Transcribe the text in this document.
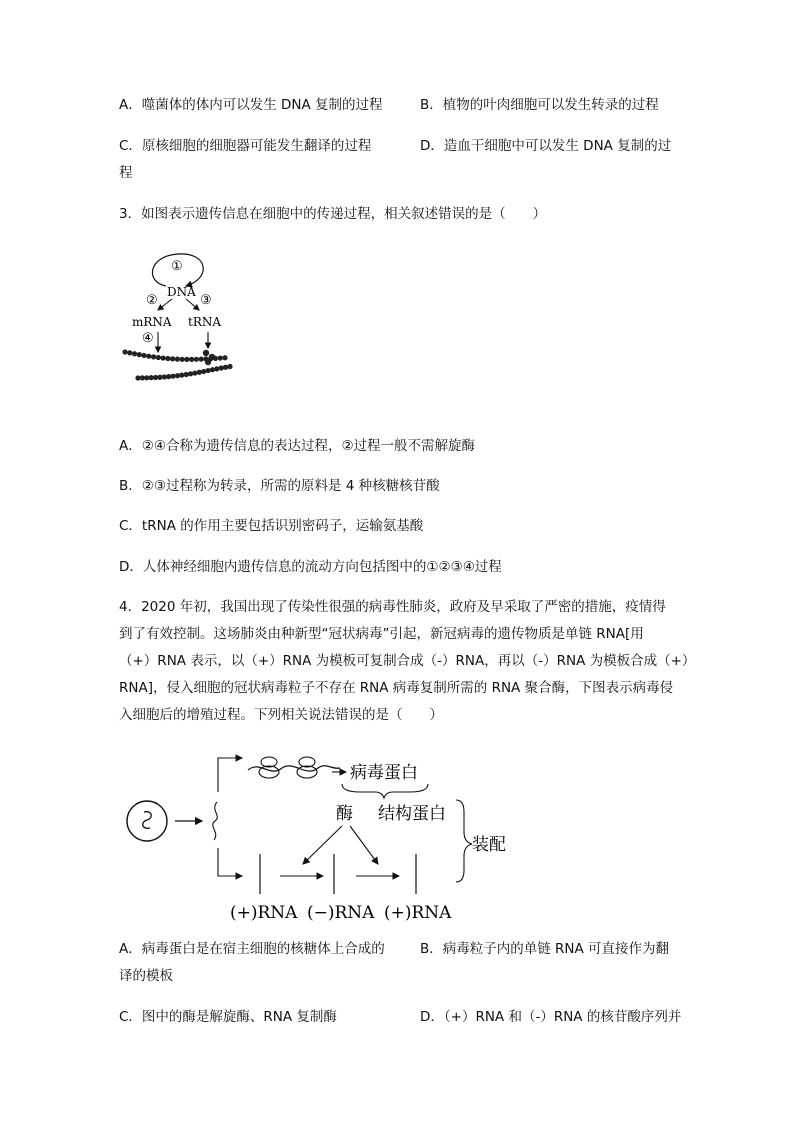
A．噬菌体的体内可以发生 DNA 复制的过程	B．植物的叶肉细胞可以发生转录的过程
C．原核细胞的细胞器可能发生翻译的过程	D．造血干细胞中可以发生 DNA 复制的过
程
3．如图表示遗传信息在细胞中的传递过程，相关叙述错误的是（　　）
①
DNA
②	③
mRNA tRNA
④
A．②④合称为遗传信息的表达过程，②过程一般不需解旋酶
B．②③过程称为转录，所需的原料是 4 种核糖核苷酸
C．tRNA 的作用主要包括识别密码子，运输氨基酸
D．人体神经细胞内遗传信息的流动方向包括图中的①②③④过程
4．2020 年初，我国出现了传染性很强的病毒性肺炎，政府及早采取了严密的措施，疫情得
到了有效控制。这场肺炎由种新型“冠状病毒”引起，新冠病毒的遗传物质是单链 RNA[用
（+）RNA 表示，以（+）RNA 为模板可复制合成（-）RNA，再以（-）RNA 为模板合成（+）
RNA]，侵入细胞的冠状病毒粒子不存在 RNA 病毒复制所需的 RNA 聚合酶，下图表示病毒侵
入细胞后的增殖过程。下列相关说法错误的是（　　）
病毒蛋白
酶 结构蛋白
装配
(+)RNA (−)RNA (+)RNA
A．病毒蛋白是在宿主细胞的核糖体上合成的	B．病毒粒子内的单链 RNA 可直接作为翻
译的模板
C．图中的酶是解旋酶、RNA 复制酶	D．（+）RNA 和（-）RNA 的核苷酸序列并
